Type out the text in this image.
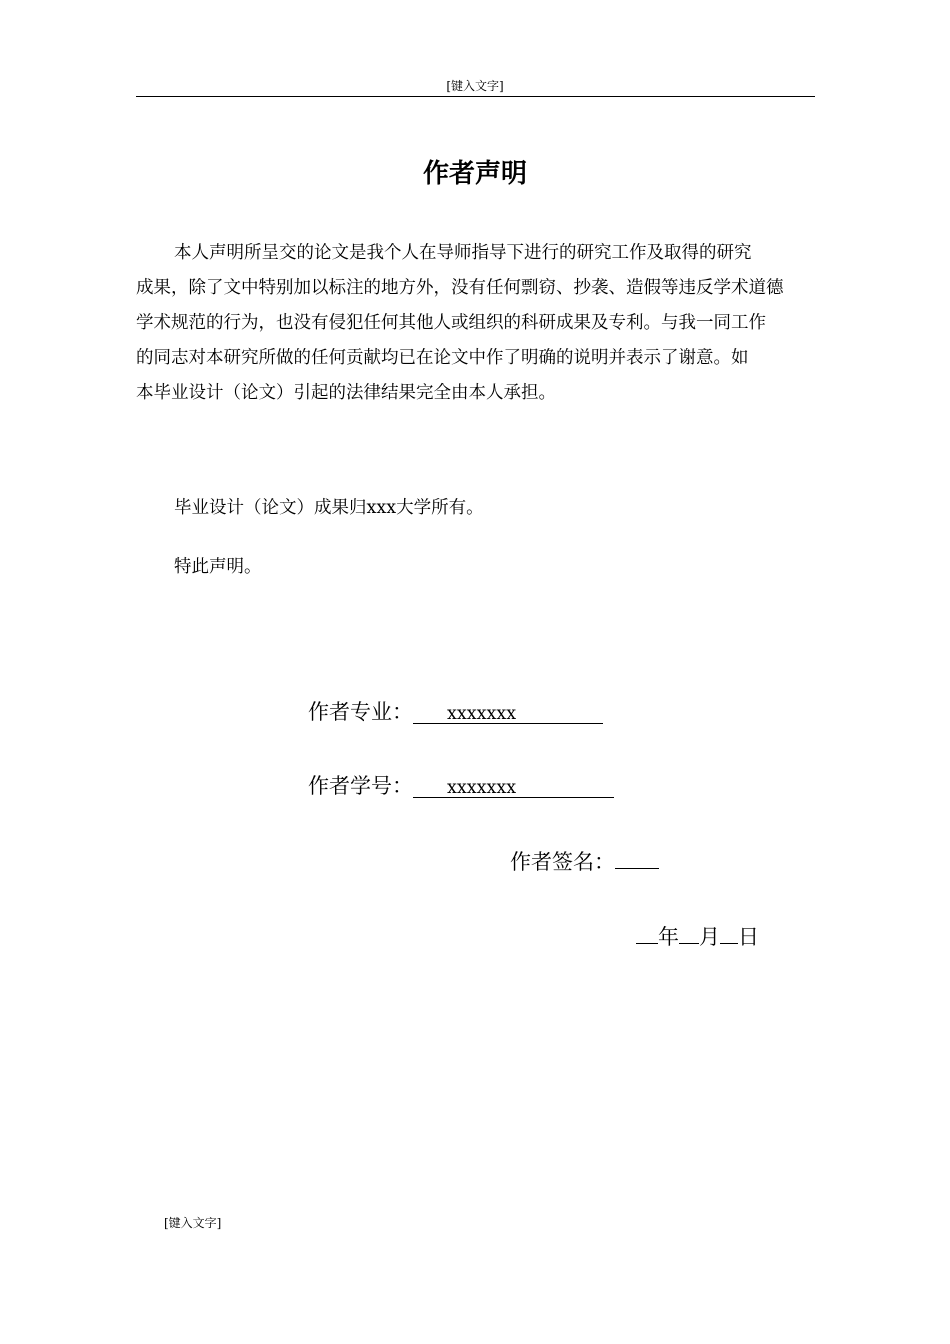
[键入文字]
作者声明

本人声明所呈交的论文是我个人在导师指导下进行的研究工作及取得的研究

成果，除了文中特别加以标注的地方外，没有任何剽窃、抄袭、造假等违反学术道德

学术规范的行为，也没有侵犯任何其他人或组织的科研成果及专利。与我一同工作

的同志对本研究所做的任何贡献均已在论文中作了明确的说明并表示了谢意。如

本毕业设计（论文）引起的法律结果完全由本人承担。

毕业设计（论文）成果归xxx大学所有。
特此声明。
作者专业： xxxxxxx
作者学号： xxxxxxx
作者签名：
年 月 日
[键入文字]
